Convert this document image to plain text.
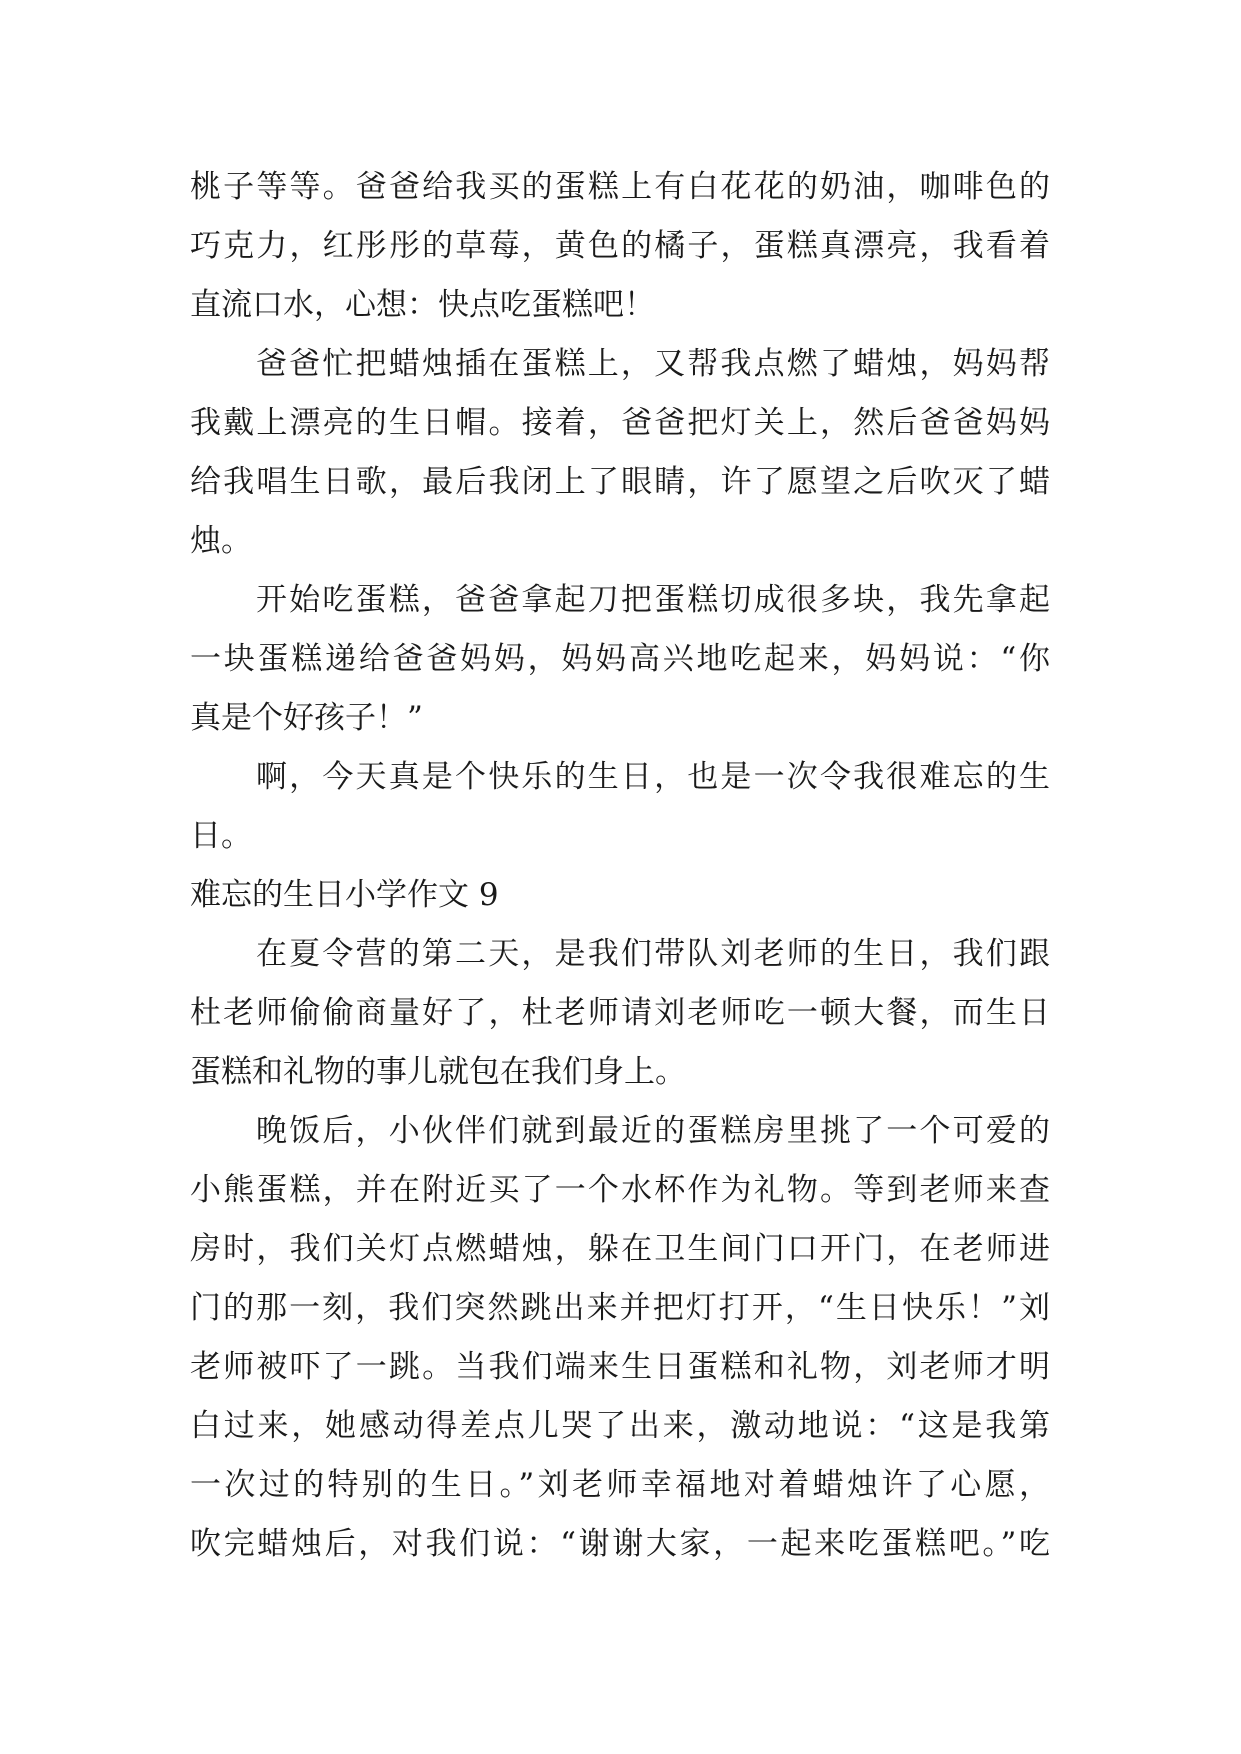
桃子等等。爸爸给我买的蛋糕上有白花花的奶油，咖啡色的
巧克力，红彤彤的草莓，黄色的橘子，蛋糕真漂亮，我看着
直流口水，心想：快点吃蛋糕吧！
爸爸忙把蜡烛插在蛋糕上，又帮我点燃了蜡烛，妈妈帮
我戴上漂亮的生日帽。接着，爸爸把灯关上，然后爸爸妈妈
给我唱生日歌，最后我闭上了眼睛，许了愿望之后吹灭了蜡
烛。
开始吃蛋糕，爸爸拿起刀把蛋糕切成很多块，我先拿起
一块蛋糕递给爸爸妈妈，妈妈高兴地吃起来，妈妈说：“你
真是个好孩子！”
啊，今天真是个快乐的生日，也是一次令我很难忘的生
日。
难忘的生日小学作文 9
在夏令营的第二天，是我们带队刘老师的生日，我们跟
杜老师偷偷商量好了，杜老师请刘老师吃一顿大餐，而生日
蛋糕和礼物的事儿就包在我们身上。
晚饭后，小伙伴们就到最近的蛋糕房里挑了一个可爱的
小熊蛋糕，并在附近买了一个水杯作为礼物。等到老师来查
房时，我们关灯点燃蜡烛，躲在卫生间门口开门，在老师进
门的那一刻，我们突然跳出来并把灯打开，“生日快乐！”刘
老师被吓了一跳。当我们端来生日蛋糕和礼物，刘老师才明
白过来，她感动得差点儿哭了出来，激动地说：“这是我第
一次过的特别的生日。”刘老师幸福地对着蜡烛许了心愿，
吹完蜡烛后，对我们说：“谢谢大家，一起来吃蛋糕吧。”吃
